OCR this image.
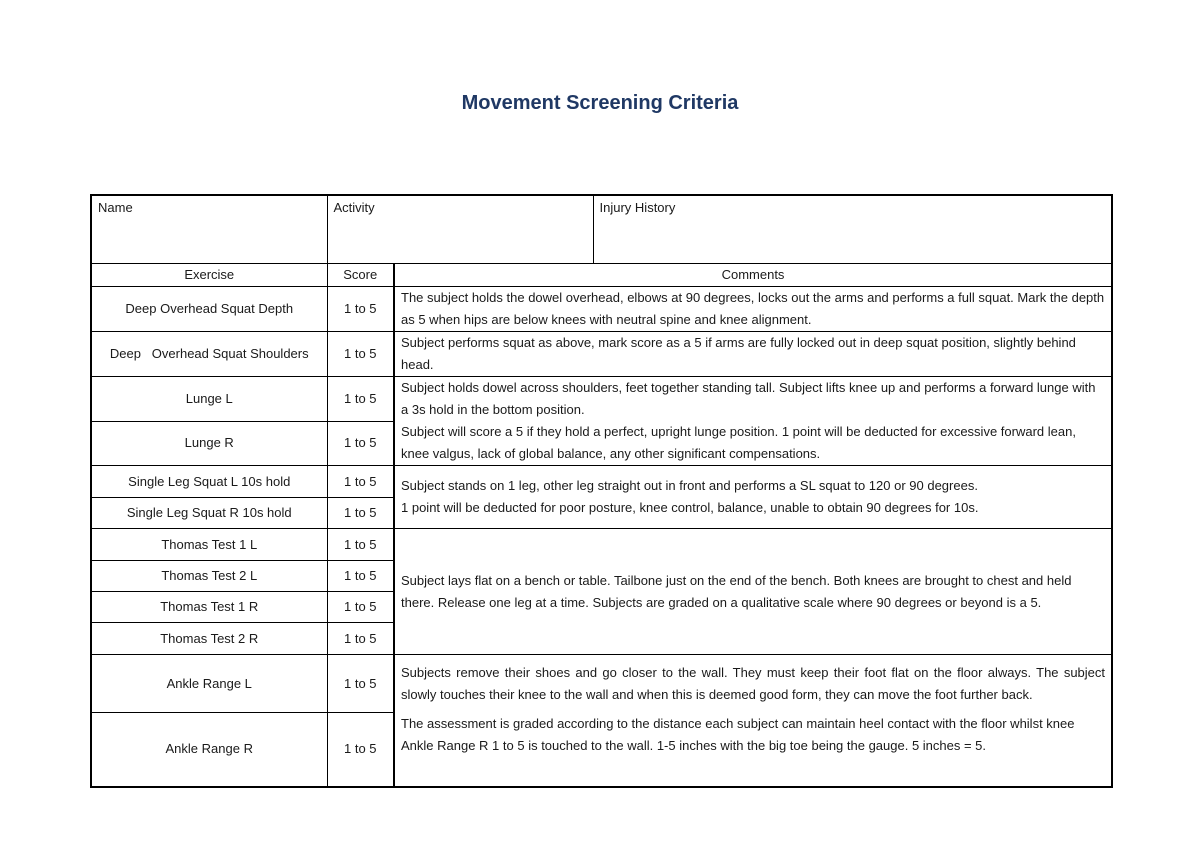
Movement Screening Criteria
Name	Activity		Injury History
Exercise	Score	Comments	
Deep Overhead Squat Depth	1 to 5	The subject holds the dowel overhead, elbows at 90 degrees, locks out the arms and performs a full squat. Mark the depth as 5 when hips are below knees with neutral spine and knee alignment.	
Deep   Overhead Squat Shoulders	1 to 5	Subject performs squat as above, mark score as a 5 if arms are fully locked out in deep squat position, slightly behind head.	
Lunge L	1 to 5	Subject holds dowel across shoulders, feet together standing tall. Subject lifts knee up and performs a forward lunge with a 3s hold in the bottom position.	
Lunge R	1 to 5	Subject will score a 5 if they hold a perfect, upright lunge position. 1 point will be deducted for excessive forward lean, knee valgus, lack of global balance, any other significant compensations.	
Single Leg Squat L 10s hold	1 to 5	Subject stands on 1 leg, other leg straight out in front and performs a SL squat to 120 or 90 degrees.
1 point will be deducted for poor posture, knee control, balance, unable to obtain 90 degrees for 10s.	

Single Leg Squat R 10s hold	1 to 5		
Thomas Test 1 L	1 to 5	Subject lays flat on a bench or table. Tailbone just on the end of the bench. Both knees are brought to chest and held there. Release one leg at a time. Subjects are graded on a qualitative scale where 90 degrees or beyond is a 5.	
Thomas Test 2 L	1 to 5		
Thomas Test 1 R	1 to 5		
Thomas Test 2 R	1 to 5		
Ankle Range L	1 to 5	Subjects remove their shoes and go closer to the wall. They must keep their foot flat on the floor always. The subject slowly touches their knee to the wall and when this is deemed good form, they can move the foot further back.	
Ankle Range R	1 to 5	The assessment is graded according to the distance each subject can maintain heel contact with the floor whilst knee Ankle Range R 1 to 5 is touched to the wall. 1-5 inches with the big toe being the gauge. 5 inches = 5.	
